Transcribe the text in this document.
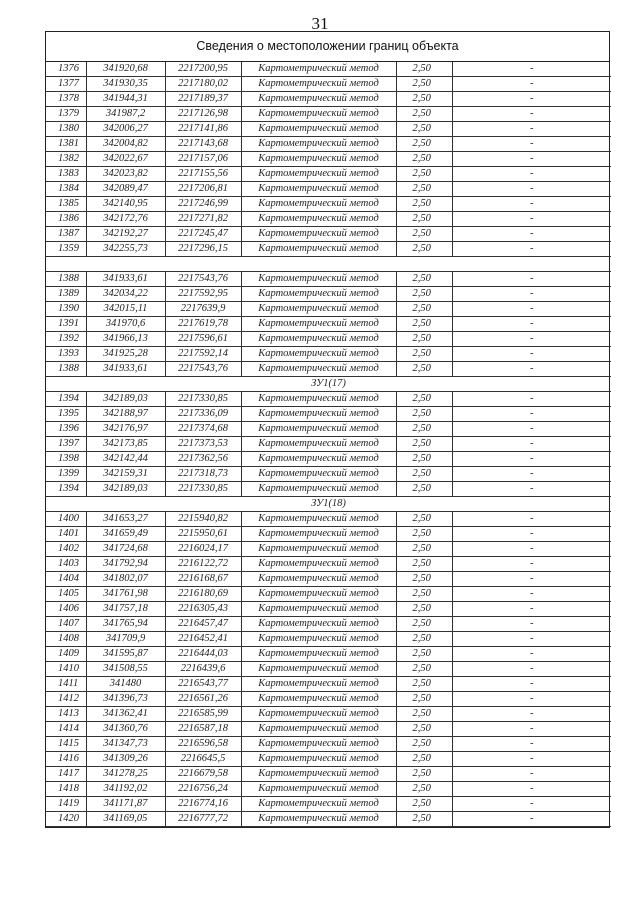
31
Сведения о местоположении границ объекта
1376	341920,68	2217200,95	Картометрический метод	2,50	-
1377	341930,35	2217180,02	Картометрический метод	2,50	-
1378	341944,31	2217189,37	Картометрический метод	2,50	-
1379	341987,2	2217126,98	Картометрический метод	2,50	-
1380	342006,27	2217141,86	Картометрический метод	2,50	-
1381	342004,82	2217143,68	Картометрический метод	2,50	-
1382	342022,67	2217157,06	Картометрический метод	2,50	-
1383	342023,82	2217155,56	Картометрический метод	2,50	-
1384	342089,47	2217206,81	Картометрический метод	2,50	-
1385	342140,95	2217246,99	Картометрический метод	2,50	-
1386	342172,76	2217271,82	Картометрический метод	2,50	-
1387	342192,27	2217245,47	Картометрический метод	2,50	-
1359	342255,73	2217296,15	Картометрический метод	2,50	-

1388	341933,61	2217543,76	Картометрический метод	2,50	-
1389	342034,22	2217592,95	Картометрический метод	2,50	-
1390	342015,11	2217639,9	Картометрический метод	2,50	-
1391	341970,6	2217619,78	Картометрический метод	2,50	-
1392	341966,13	2217596,61	Картометрический метод	2,50	-
1393	341925,28	2217592,14	Картометрический метод	2,50	-
1388	341933,61	2217543,76	Картометрический метод	2,50	-
ЗУ1(17)					
1394	342189,03	2217330,85	Картометрический метод	2,50	-
1395	342188,97	2217336,09	Картометрический метод	2,50	-
1396	342176,97	2217374,68	Картометрический метод	2,50	-
1397	342173,85	2217373,53	Картометрический метод	2,50	-
1398	342142,44	2217362,56	Картометрический метод	2,50	-
1399	342159,31	2217318,73	Картометрический метод	2,50	-
1394	342189,03	2217330,85	Картометрический метод	2,50	-
ЗУ1(18)					
1400	341653,27	2215940,82	Картометрический метод	2,50	-
1401	341659,49	2215950,61	Картометрический метод	2,50	-
1402	341724,68	2216024,17	Картометрический метод	2,50	-
1403	341792,94	2216122,72	Картометрический метод	2,50	-
1404	341802,07	2216168,67	Картометрический метод	2,50	-
1405	341761,98	2216180,69	Картометрический метод	2,50	-
1406	341757,18	2216305,43	Картометрический метод	2,50	-
1407	341765,94	2216457,47	Картометрический метод	2,50	-
1408	341709,9	2216452,41	Картометрический метод	2,50	-
1409	341595,87	2216444,03	Картометрический метод	2,50	-
1410	341508,55	2216439,6	Картометрический метод	2,50	-
1411	341480	2216543,77	Картометрический метод	2,50	-
1412	341396,73	2216561,26	Картометрический метод	2,50	-
1413	341362,41	2216585,99	Картометрический метод	2,50	-
1414	341360,76	2216587,18	Картометрический метод	2,50	-
1415	341347,73	2216596,58	Картометрический метод	2,50	-
1416	341309,26	2216645,5	Картометрический метод	2,50	-
1417	341278,25	2216679,58	Картометрический метод	2,50	-
1418	341192,02	2216756,24	Картометрический метод	2,50	-
1419	341171,87	2216774,16	Картометрический метод	2,50	-
1420	341169,05	2216777,72	Картометрический метод	2,50	-
